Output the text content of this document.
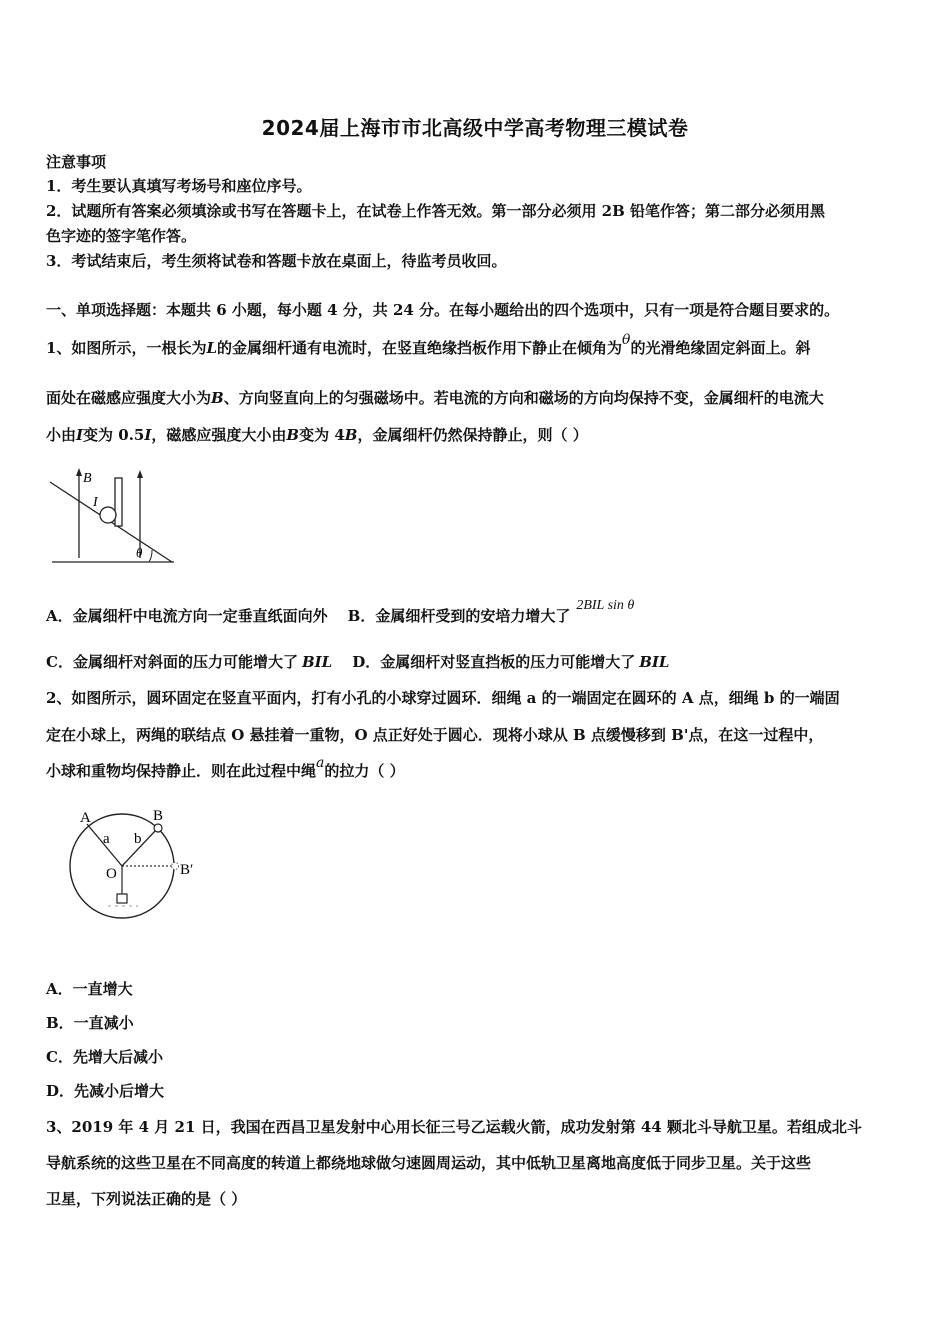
2024届上海市市北高级中学高考物理三模试卷
注意事项
1．考生要认真填写考场号和座位序号。
2．试题所有答案必须填涂或书写在答题卡上，在试卷上作答无效。第一部分必须用 2B 铅笔作答；第二部分必须用黑
色字迹的签字笔作答。
3．考试结束后，考生须将试卷和答题卡放在桌面上，待监考员收回。
一、单项选择题：本题共 6 小题，每小题 4 分，共 24 分。在每小题给出的四个选项中，只有一项是符合题目要求的。
1、如图所示，一根长为L的金属细杆通有电流时，在竖直绝缘挡板作用下静止在倾角为θ的光滑绝缘固定斜面上。斜
面处在磁感应强度大小为B、方向竖直向上的匀强磁场中。若电流的方向和磁场的方向均保持不变，金属细杆的电流大
小由I变为 0.5I，磁感应强度大小由B变为 4B，金属细杆仍然保持静止，则（ ）
B
I
θ
A．金属细杆中电流方向一定垂直纸面向外 B．金属细杆受到的安培力增大了2BIL sin θ
C．金属细杆对斜面的压力可能增大了 BIL D．金属细杆对竖直挡板的压力可能增大了 BIL
2、如图所示，圆环固定在竖直平面内，打有小孔的小球穿过圆环．细绳 a 的一端固定在圆环的 A 点，细绳 b 的一端固
定在小球上，两绳的联结点 O 悬挂着一重物，O 点正好处于圆心．现将小球从 B 点缓慢移到 B'点，在这一过程中，
小球和重物均保持静止．则在此过程中绳a的拉力（ ）
A	B
B′
O
a b
A．一直增大
B．一直减小
C．先增大后减小
D．先减小后增大
3、2019 年 4 月 21 日，我国在西昌卫星发射中心用长征三号乙运载火箭，成功发射第 44 颗北斗导航卫星。若组成北斗
导航系统的这些卫星在不同高度的转道上都绕地球做匀速圆周运动，其中低轨卫星离地高度低于同步卫星。关于这些
卫星，下列说法正确的是（ ）
